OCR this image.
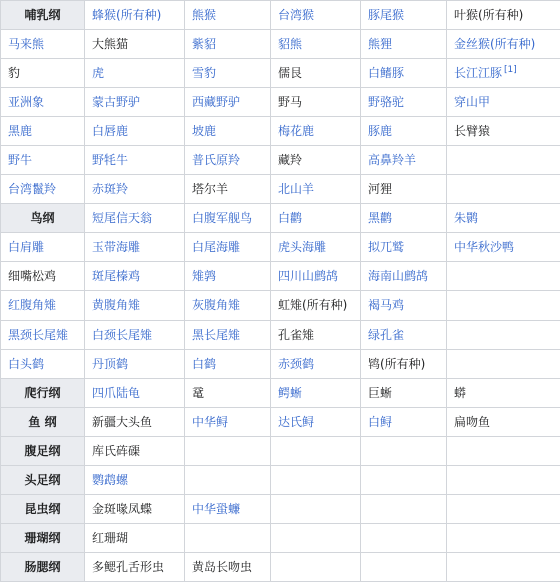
哺乳纲	蜂猴(所有种)	熊猴	台湾猴	豚尾猴	叶猴(所有种)
马来熊	大熊猫	紫貂	貂熊	熊狸	金丝猴(所有种)
豹	虎	雪豹	儒艮	白鳍豚	长江江豚 [1]
亚洲象	蒙古野驴	西藏野驴	野马	野骆驼	穿山甲
黑鹿	白唇鹿	坡鹿	梅花鹿	豚鹿	长臂猿
野牛	野牦牛	普氏原羚	藏羚	高鼻羚羊	
台湾鬣羚	赤斑羚	塔尔羊	北山羊	河狸	
鸟纲	短尾信天翁	白腹军舰鸟	白鹳	黑鹳	朱鹮
白肩雕	玉带海雕	白尾海雕	虎头海雕	拟兀鹫	中华秋沙鸭
细嘴松鸡	斑尾榛鸡	雉鹑	四川山鹧鸪	海南山鹧鸪	
红腹角雉	黄腹角雉	灰腹角雉	虹雉(所有种)	褐马鸡	
黑颈长尾雉	白颈长尾雉	黑长尾雉	孔雀雉	绿孔雀	
白头鹤	丹顶鹤	白鹤	赤颈鹤	鸨(所有种)	
爬行纲	四爪陆龟	鼋	鳄蜥	巨蜥	蟒
鱼 纲	新疆大头鱼	中华鲟	达氏鲟	白鲟	扁吻鱼
腹足纲	库氏砗磲				
头足纲	鹦鹉螺				
昆虫纲	金斑喙凤蝶	中华蛩蠊			
珊瑚纲	红珊瑚				
肠腮纲	多鳃孔舌形虫	黄岛长吻虫			
